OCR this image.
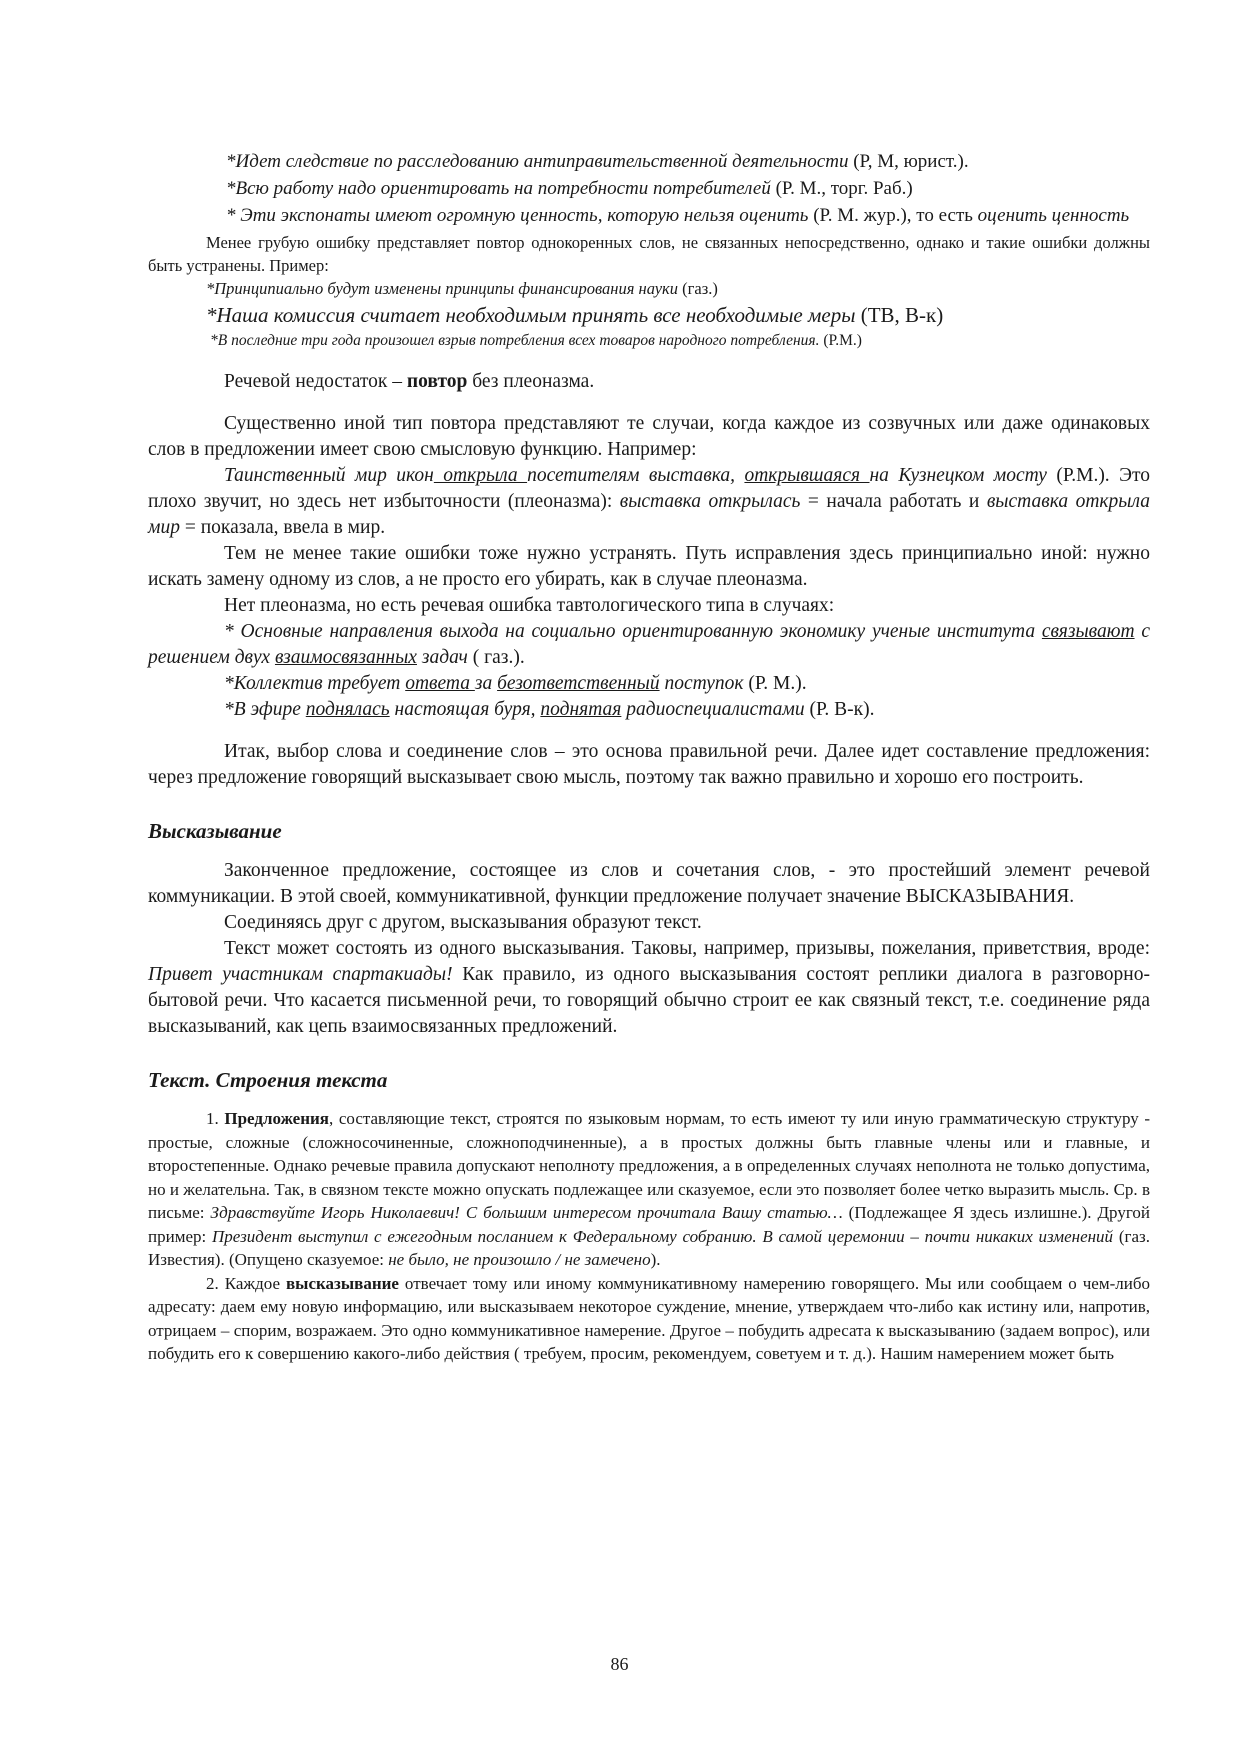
*Идет следствие по расследованию антиправительственной деятельности (Р, М, юрист.).

*Всю работу надо ориентировать на потребности потребителей (Р. М., торг. Раб.)

* Эти экспонаты имеют огромную ценность, которую нельзя оценить (Р. М. жур.), то есть оценить ценность

Менее грубую ошибку представляет повтор однокоренных слов, не связанных непосредственно, однако и такие ошибки должны быть устранены. Пример:

*Принципиально будут изменены принципы финансирования науки (газ.)

*Наша комиссия считает необходимым принять все необходимые меры (ТВ, В-к)

*В последние три года произошел взрыв потребления всех товаров народного потребления. (Р.М.)

Речевой недостаток – повтор без плеоназма.

Существенно иной тип повтора представляют те случаи, когда каждое из созвучных или даже одинаковых слов в предложении имеет свою смысловую функцию. Например:

Таинственный мир икон открыла посетителям выставка, открывшаяся на Кузнецком мосту (Р.М.). Это плохо звучит, но здесь нет избыточности (плеоназма): выставка открылась = начала работать и выставка открыла мир = показала, ввела в мир.

Тем не менее такие ошибки тоже нужно устранять. Путь исправления здесь принципиально иной: нужно искать замену одному из слов, а не просто его убирать, как в случае плеоназма.

Нет плеоназма, но есть речевая ошибка тавтологического типа в случаях:

* Основные направления выхода на социально ориентированную экономику ученые института связывают с решением двух взаимосвязанных задач ( газ.).

*Коллектив требует ответа за безответственный поступок (Р. М.).

*В эфире поднялась настоящая буря, поднятая радиоспециалистами (Р. В-к).

Итак, выбор слова и соединение слов – это основа правильной речи. Далее идет составление предложения: через предложение говорящий высказывает свою мысль, поэтому так важно правильно и хорошо его построить.

Высказывание

Законченное предложение, состоящее из слов и сочетания слов, - это простейший элемент речевой коммуникации. В этой своей, коммуникативной, функции предложение получает значение ВЫСКАЗЫВАНИЯ.

Соединяясь друг с другом, высказывания образуют текст.

Текст может состоять из одного высказывания. Таковы, например, призывы, пожелания, приветствия, вроде: Привет участникам спартакиады! Как правило, из одного высказывания состоят реплики диалога в разговорно-бытовой речи. Что касается письменной речи, то говорящий обычно строит ее как связный текст, т.е. соединение ряда высказываний, как цепь взаимосвязанных предложений.

Текст. Строения текста

1. Предложения, составляющие текст, строятся по языковым нормам, то есть имеют ту или иную грамматическую структуру - простые, сложные (сложносочиненные, сложноподчиненные), а в простых должны быть главные члены или и главные, и второстепенные. Однако речевые правила допускают неполноту предложения, а в определенных случаях неполнота не только допустима, но и желательна. Так, в связном тексте можно опускать подлежащее или сказуемое, если это позволяет более четко выразить мысль. Ср. в письме: Здравствуйте Игорь Николаевич! С большим интересом прочитала Вашу статью… (Подлежащее Я здесь излишне.). Другой пример: Президент выступил с ежегодным посланием к Федеральному собранию. В самой церемонии – почти никаких изменений (газ. Известия). (Опущено сказуемое: не было, не произошло / не замечено).

2. Каждое высказывание отвечает тому или иному коммуникативному намерению говорящего. Мы или сообщаем о чем-либо адресату: даем ему новую информацию, или высказываем некоторое суждение, мнение, утверждаем что-либо как истину или, напротив, отрицаем – спорим, возражаем. Это одно коммуникативное намерение. Другое – побудить адресата к высказыванию (задаем вопрос), или побудить его к совершению какого-либо действия ( требуем, просим, рекомендуем, советуем и т. д.). Нашим намерением может быть

86
